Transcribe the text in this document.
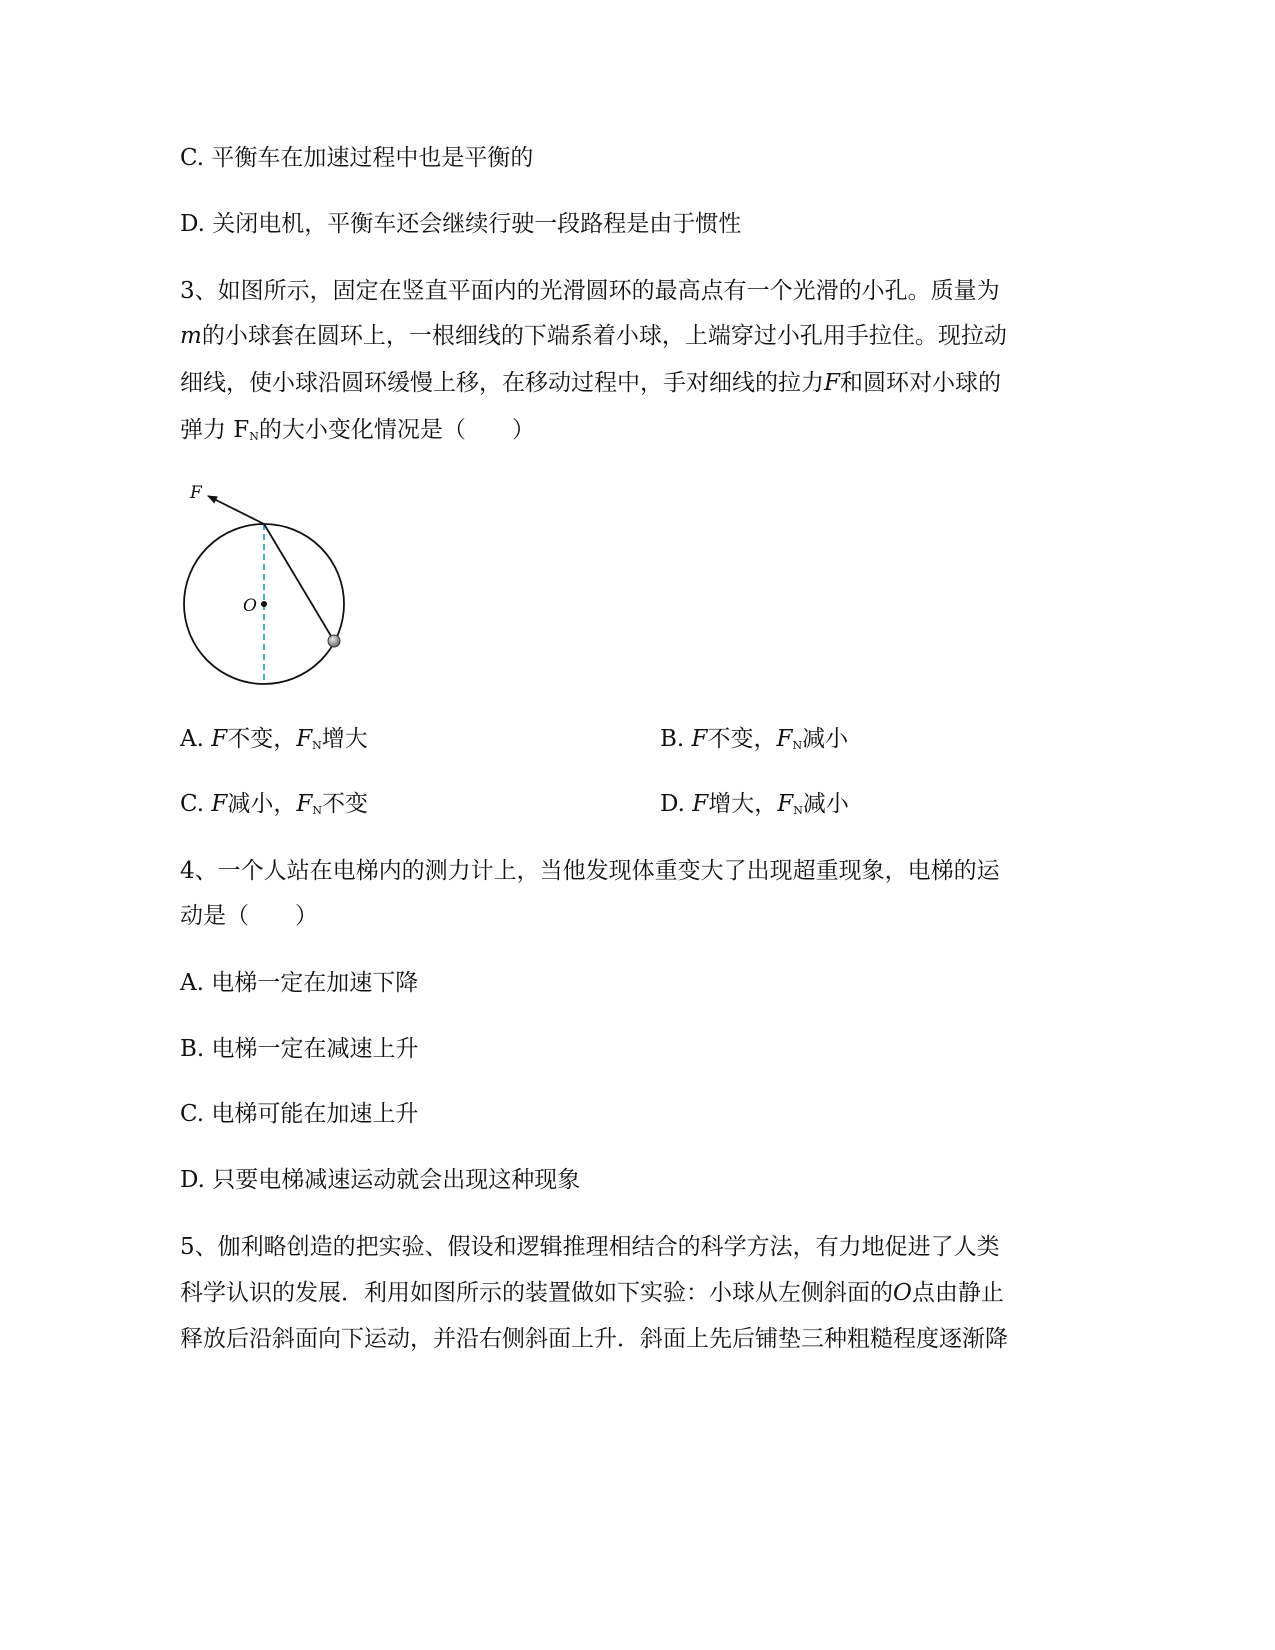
C. 平衡车在加速过程中也是平衡的
D. 关闭电机，平衡车还会继续行驶一段路程是由于惯性
3、如图所示，固定在竖直平面内的光滑圆环的最高点有一个光滑的小孔。质量为
m的小球套在圆环上，一根细线的下端系着小球，上端穿过小孔用手拉住。现拉动
细线，使小球沿圆环缓慢上移，在移动过程中，手对细线的拉力F和圆环对小球的
弹力 $F_N$的大小变化情况是（　　）
F
O
A. F不变，$F_N$增大	B. F不变，$F_N$减小
C. F减小，$F_N$不变	D. F增大，$F_N$减小
4、一个人站在电梯内的测力计上，当他发现体重变大了出现超重现象，电梯的运
动是（　　）
A. 电梯一定在加速下降
B. 电梯一定在减速上升
C. 电梯可能在加速上升
D. 只要电梯减速运动就会出现这种现象
5、伽利略创造的把实验、假设和逻辑推理相结合的科学方法，有力地促进了人类
科学认识的发展．利用如图所示的装置做如下实验：小球从左侧斜面的O点由静止
释放后沿斜面向下运动，并沿右侧斜面上升．斜面上先后铺垫三种粗糙程度逐渐降
